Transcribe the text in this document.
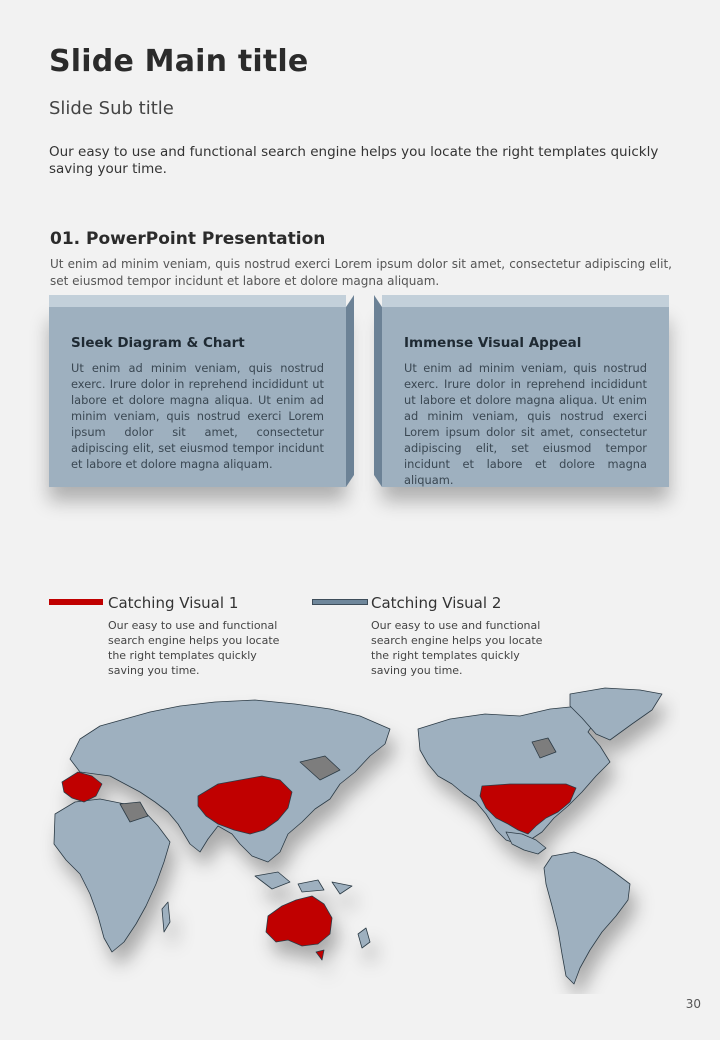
Slide Main title

Slide Sub title

Our easy to use and functional search engine helps you locate the right templates quickly saving your time.

01. PowerPoint Presentation

Ut enim ad minim veniam, quis nostrud exerci Lorem ipsum dolor sit amet, consectetur adipiscing elit, set eiusmod tempor incidunt et labore et dolore magna aliquam.

Sleek Diagram & Chart

Ut enim ad minim veniam, quis nostrud exerc. Irure dolor in reprehend incididunt ut labore et dolore magna aliqua. Ut enim ad minim veniam, quis nostrud exerci Lorem ipsum dolor sit amet, consectetur adipiscing elit, set eiusmod tempor incidunt et labore et dolore magna aliquam.

Immense Visual Appeal

Ut enim ad minim veniam, quis nostrud exerc. Irure dolor in reprehend incididunt ut labore et dolore magna aliqua. Ut enim ad minim veniam, quis nostrud exerci Lorem ipsum dolor sit amet, consectetur adipiscing elit, set eiusmod tempor incidunt et labore et dolore magna aliquam.

Catching Visual 1

Our easy to use and functional search engine helps you locate the right templates quickly saving you time.

Catching Visual 2

Our easy to use and functional search engine helps you locate the right templates quickly saving you time.

30
